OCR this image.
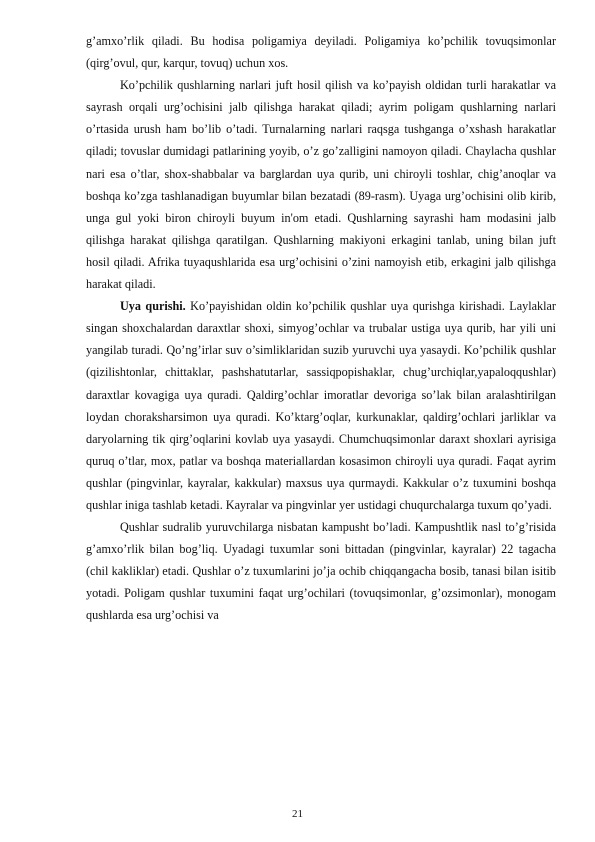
g’amxo’rlik qiladi. Bu hodisa poligamiya deyiladi. Poligamiya ko’pchilik tovuqsimonlar (qirg’ovul, qur, karqur, tovuq) uchun xos.

Ko’pchilik qushlarning narlari juft hosil qilish va ko’payish oldidan turli harakatlar va sayrash orqali urg’ochisini jalb qilishga harakat qiladi; ayrim poligam qushlarning narlari o’rtasida urush ham bo’lib o’tadi. Turnalarning narlari raqsga tushganga o’xshash harakatlar qiladi; tovuslar dumidagi patlarining yoyib, o’z go’zalligini namoyon qiladi. Chaylacha qushlar nari esa o’tlar, shox-shabbalar va barglardan uya qurib, uni chiroyli toshlar, chig’anoqlar va boshqa ko’zga tashlanadigan buyumlar bilan bezatadi (89-rasm). Uyaga urg’ochisini olib kirib, unga gul yoki biron chiroyli buyum in'om etadi. Qushlarning sayrashi ham modasini jalb qilishga harakat qilishga qaratilgan. Qushlarning makiyoni erkagini tanlab, uning bilan juft hosil qiladi. Afrika tuyaqushlarida esa urg’ochisini o’zini namoyish etib, erkagini jalb qilishga harakat qiladi.

Uya qurishi. Ko’payishidan oldin ko’pchilik qushlar uya qurishga kirishadi. Laylaklar singan shoxchalardan daraxtlar shoxi, simyog’ochlar va trubalar ustiga uya qurib, har yili uni yangilab turadi. Qo’ng’irlar suv o’simliklaridan suzib yuruvchi uya yasaydi. Ko’pchilik qushlar (qizilishtonlar, chittaklar, pashshatutarlar, sassiqpopishaklar, chug’urchiqlar,yapaloqqushlar) daraxtlar kovagiga uya quradi. Qaldirg’ochlar imoratlar devoriga so’lak bilan aralashtirilgan loydan choraksharsimon uya quradi. Ko’ktarg’oqlar, kurkunaklar, qaldirg’ochlari jarliklar va daryolarning tik qirg’oqlarini kovlab uya yasaydi. Chumchuqsimonlar daraxt shoxlari ayrisiga quruq o’tlar, mox, patlar va boshqa materiallardan kosasimon chiroyli uya quradi. Faqat ayrim qushlar (pingvinlar, kayralar, kakkular) maxsus uya qurmaydi. Kakkular o’z tuxumini boshqa qushlar iniga tashlab ketadi. Kayralar va pingvinlar yer ustidagi chuqurchalarga tuxum qo’yadi.

Qushlar sudralib yuruvchilarga nisbatan kampusht bo’ladi. Kampushtlik nasl to’g’risida g’amxo’rlik bilan bog’liq. Uyadagi tuxumlar soni bittadan (pingvinlar, kayralar) 22 tagacha (chil kakliklar) etadi. Qushlar o’z tuxumlarini jo’ja ochib chiqqangacha bosib, tanasi bilan isitib yotadi. Poligam qushlar tuxumini faqat urg’ochilari (tovuqsimonlar, g’ozsimonlar), monogam qushlarda esa urg’ochisi va

21
